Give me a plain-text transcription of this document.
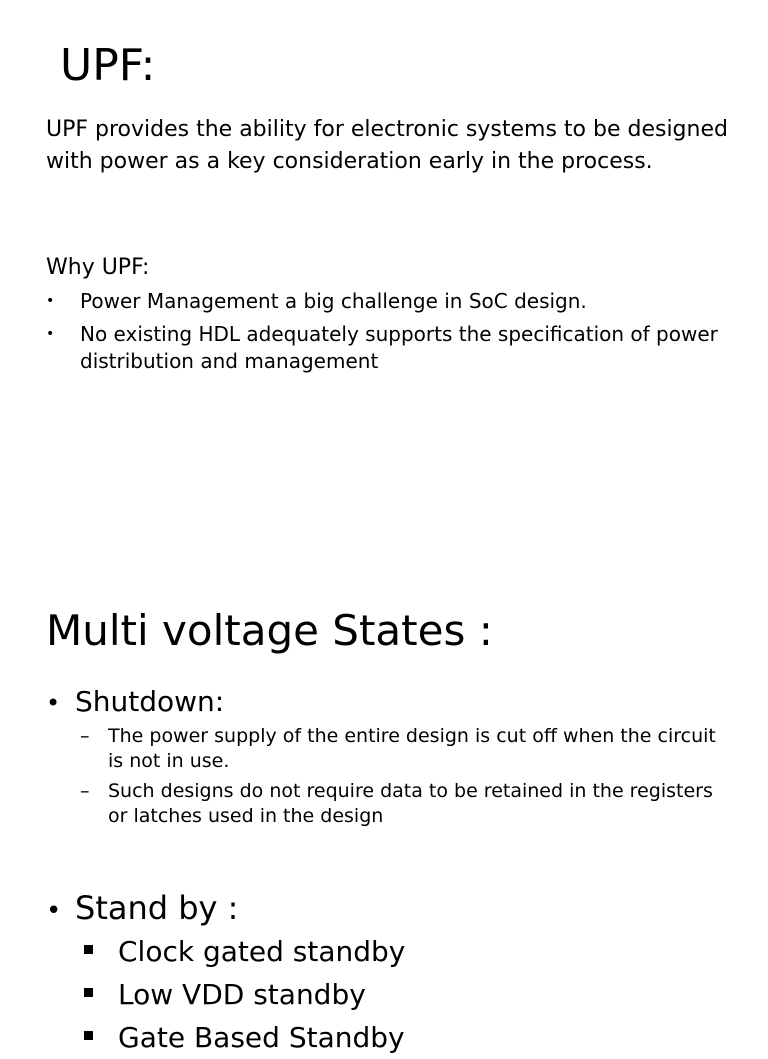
UPF:

UPF provides the ability for electronic systems to be designed with power as a key consideration early in the process.

Why UPF:

• Power Management a big challenge in SoC design.
• No existing HDL adequately supports the specification of power distribution and management
Multi voltage States :

• Shutdown:

– The power supply of the entire design is cut off when the circuit is not in use.
– Such designs do not require data to be retained in the registers or latches used in the design

• Stand by :

Clock gated standby
Low VDD standby
Gate Based Standby
